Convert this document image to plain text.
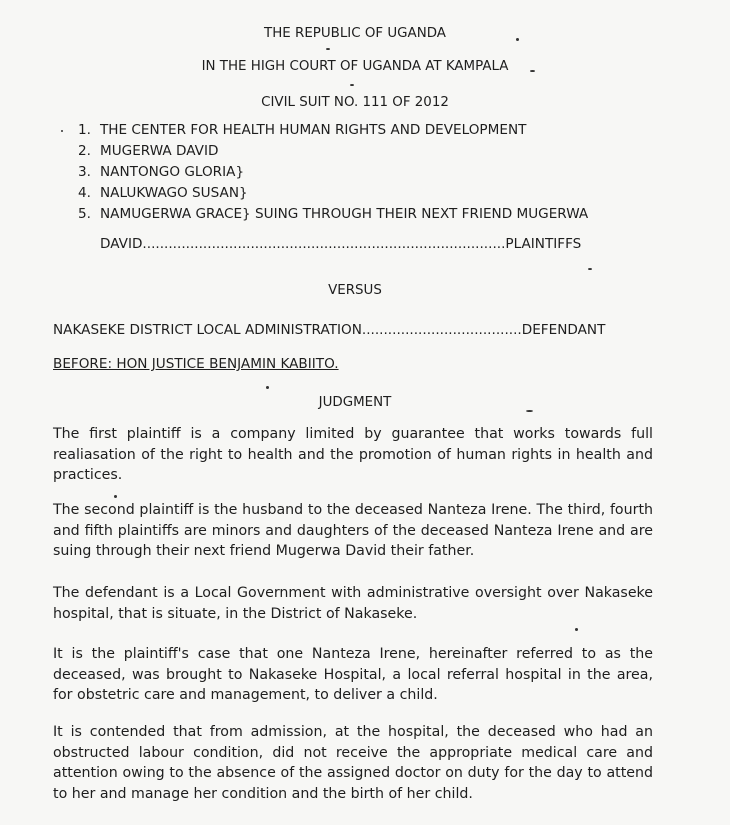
THE REPUBLIC OF UGANDA
IN THE HIGH COURT OF UGANDA AT KAMPALA
CIVIL SUIT NO. 111 OF 2012
1. THE CENTER FOR HEALTH HUMAN RIGHTS AND DEVELOPMENT
2. MUGERWA DAVID
3. NANTONGO GLORIA}
4. NALUKWAGO SUSAN}
5. NAMUGERWA GRACE} SUING THROUGH THEIR NEXT FRIEND MUGERWA
DAVID....................................................................................PLAINTIFFS
VERSUS
NAKASEKE DISTRICT LOCAL ADMINISTRATION.....................................DEFENDANT
BEFORE: HON JUSTICE BENJAMIN KABIITO.
JUDGMENT

The first plaintiff is a company limited by guarantee that works towards full realiasation of the right to health and the promotion of human rights in health and practices.

The second plaintiff is the husband to the deceased Nanteza Irene. The third, fourth and fifth plaintiffs are minors and daughters of the deceased Nanteza Irene and are suing through their next friend Mugerwa David their father.

The defendant is a Local Government with administrative oversight over Nakaseke hospital, that is situate, in the District of Nakaseke.

It is the plaintiff's case that one Nanteza Irene, hereinafter referred to as the deceased, was brought to Nakaseke Hospital, a local referral hospital in the area, for obstetric care and management, to deliver a child.

It is contended that from admission, at the hospital, the deceased who had an obstructed labour condition, did not receive the appropriate medical care and attention owing to the absence of the assigned doctor on duty for the day to attend to her and manage her condition and the birth of her child.
